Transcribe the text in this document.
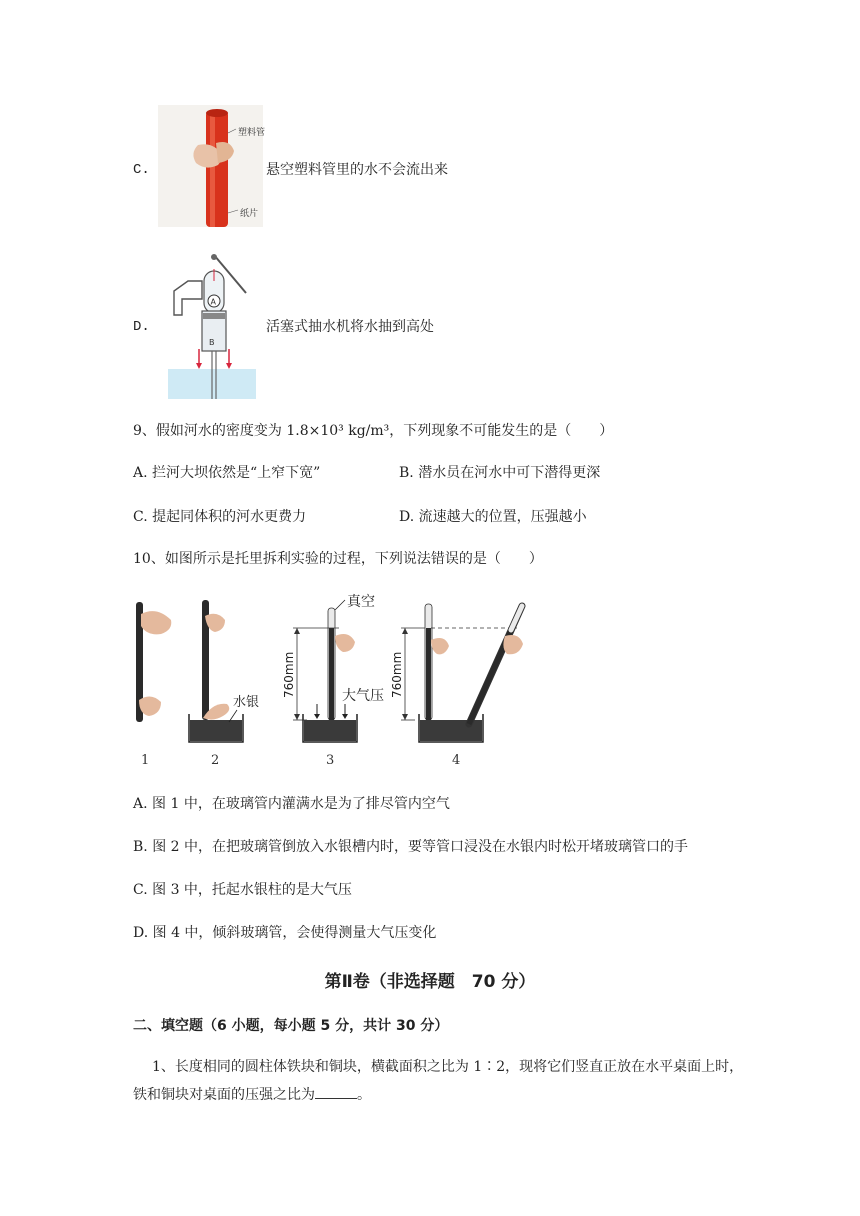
C.
塑料管
纸片
悬空塑料管里的水不会流出来
D.
A
B
活塞式抽水机将水抽到高处
9、假如河水的密度变为 1.8×10³ kg/m³，下列现象不可能发生的是（　　）
A. 拦河大坝依然是“上窄下宽”	B. 潜水员在河水中可下潜得更深
C. 提起同体积的河水更费力	D. 流速越大的位置，压强越小
10、如图所示是托里拆利实验的过程，下列说法错误的是（　　）
1
水银
2
真空
760mm	大气压
3
760mm
4
A. 图 1 中，在玻璃管内灌满水是为了排尽管内空气
B. 图 2 中，在把玻璃管倒放入水银槽内时，要等管口浸没在水银内时松开堵玻璃管口的手
C. 图 3 中，托起水银柱的是大气压
D. 图 4 中，倾斜玻璃管，会使得测量大气压变化
第Ⅱ卷（非选择题　70 分）
二、填空题（6 小题，每小题 5 分，共计 30 分）
1、长度相同的圆柱体铁块和铜块，横截面积之比为 1∶2，现将它们竖直正放在水平桌面上时，
铁和铜块对桌面的压强之比为	。
